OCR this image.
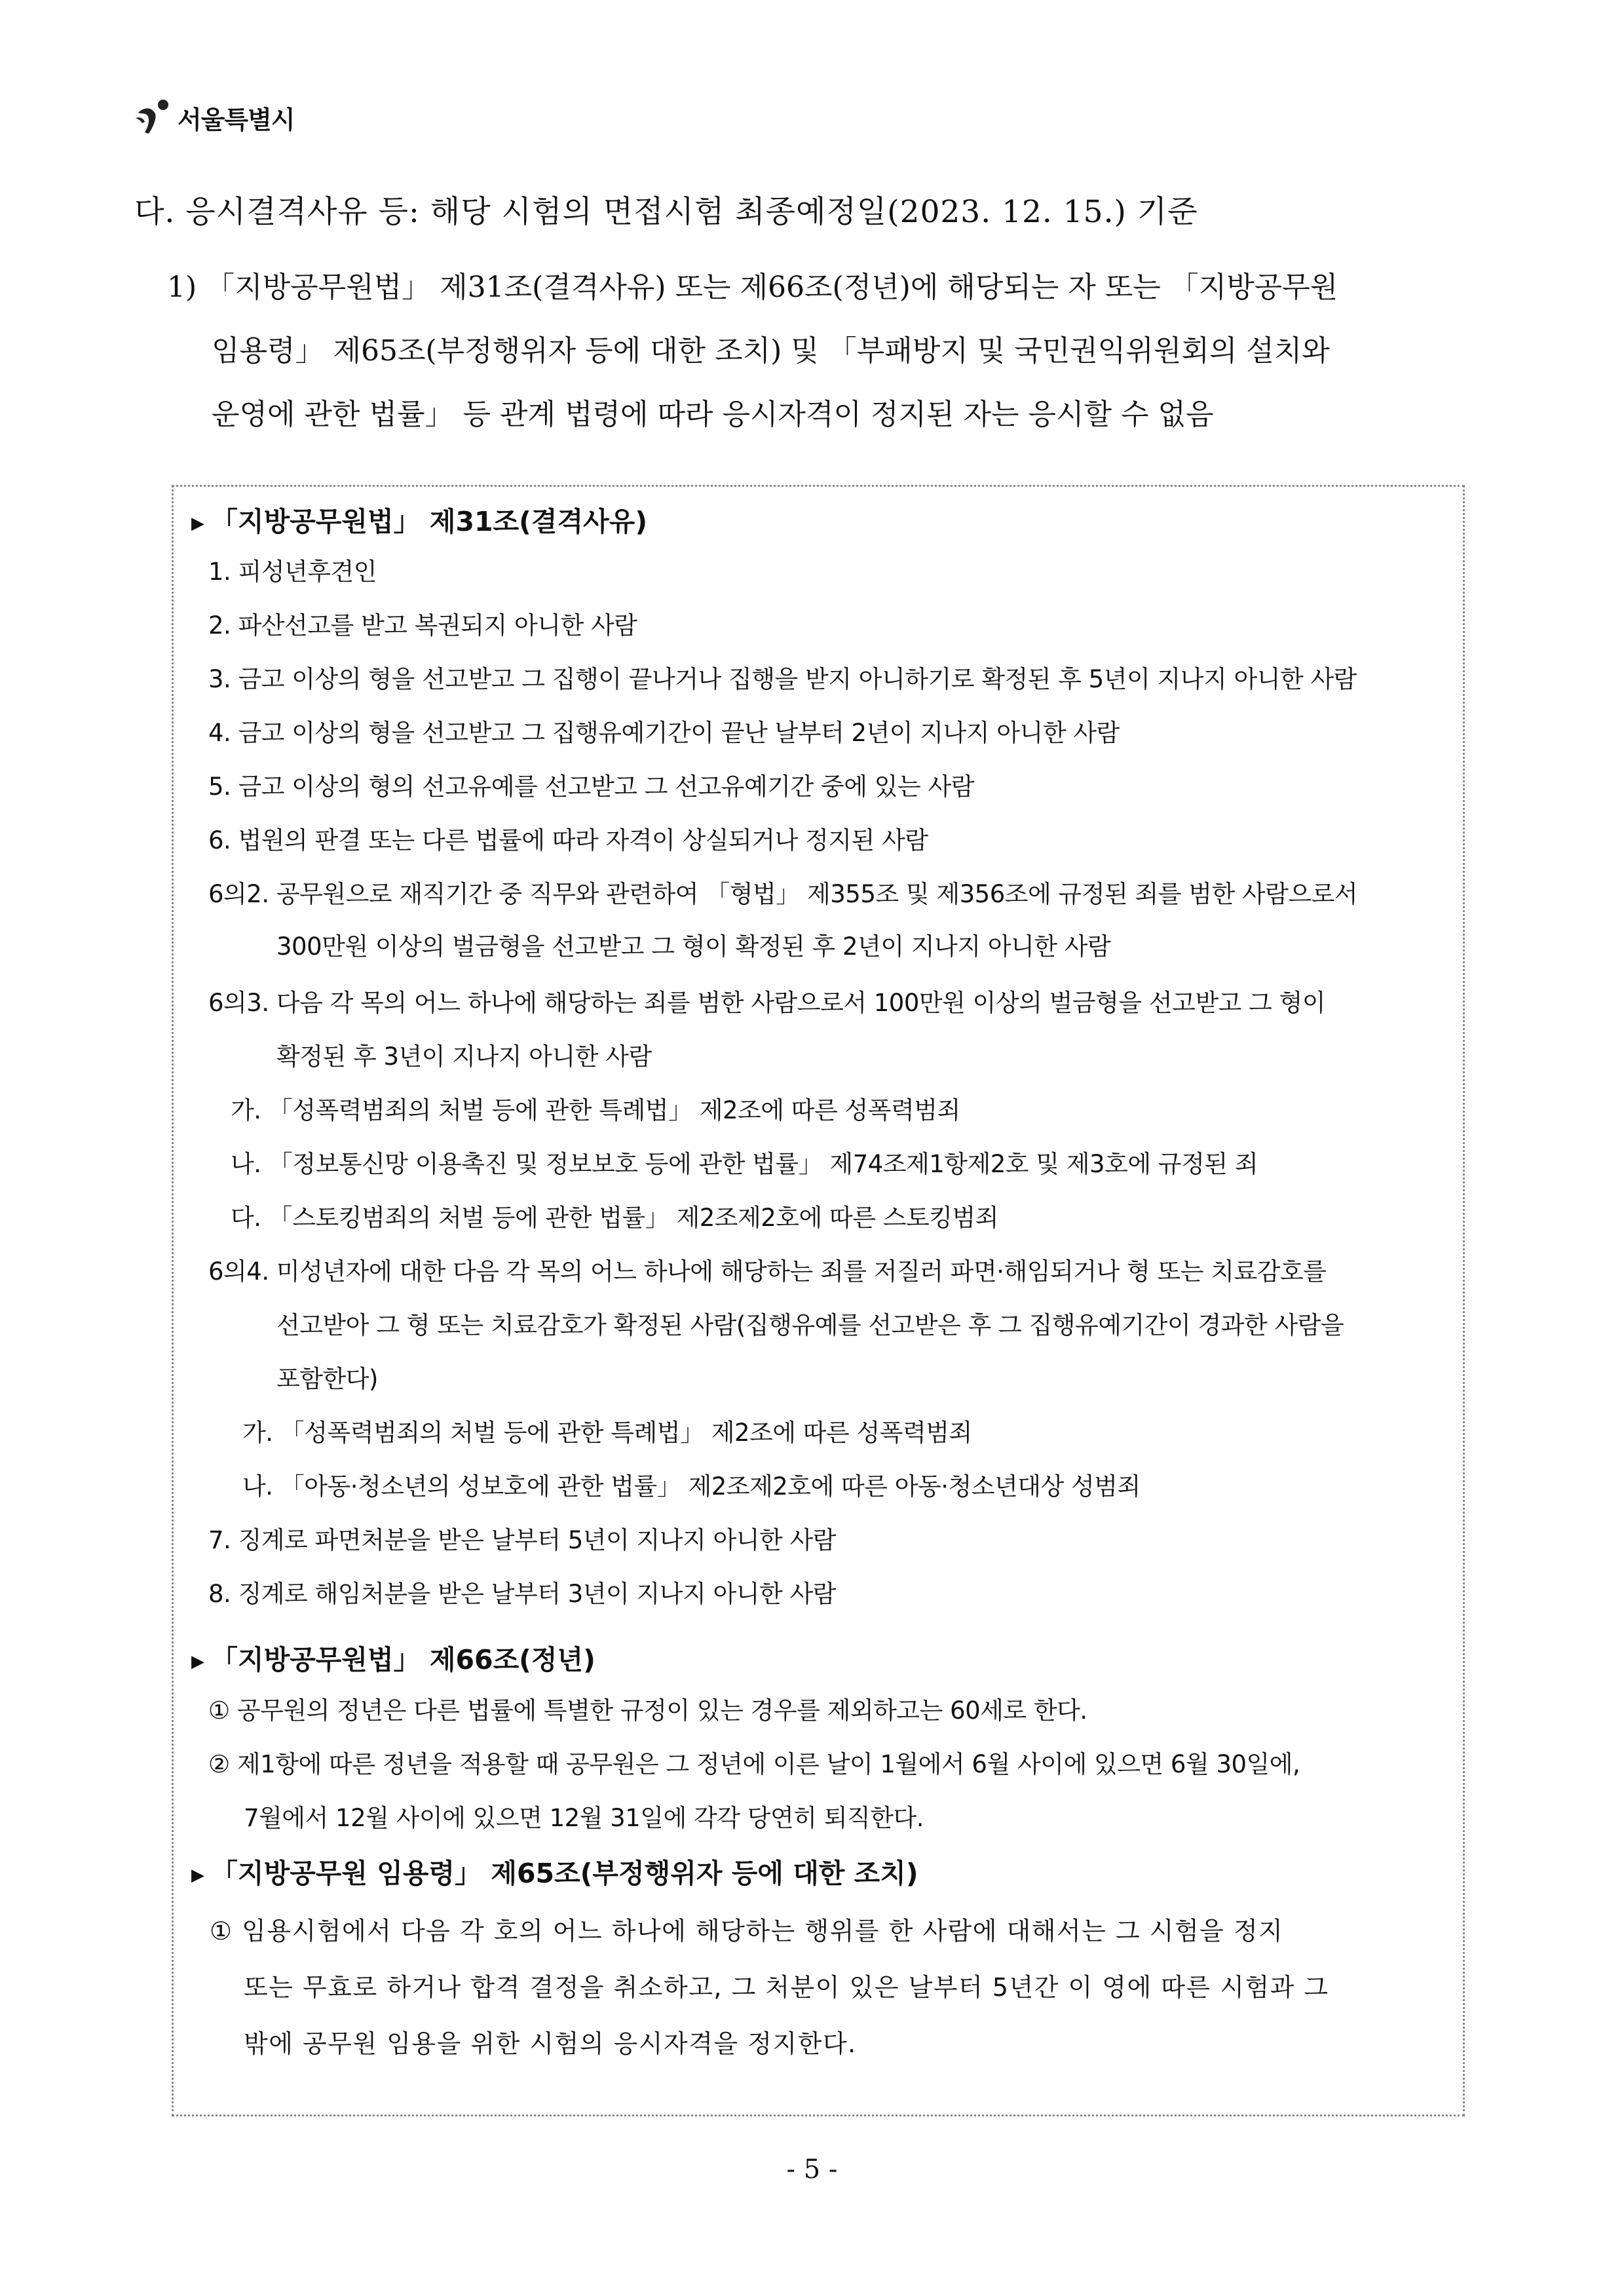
서울특별시
다. 응시결격사유 등: 해당 시험의 면접시험 최종예정일(2023. 12. 15.) 기준
1) 「지방공무원법」 제31조(결격사유) 또는 제66조(정년)에 해당되는 자 또는 「지방공무원
임용령」 제65조(부정행위자 등에 대한 조치) 및 「부패방지 및 국민권익위원회의 설치와
운영에 관한 법률」 등 관계 법령에 따라 응시자격이 정지된 자는 응시할 수 없음
▶ 「지방공무원법」 제31조(결격사유)
1. 피성년후견인
2. 파산선고를 받고 복권되지 아니한 사람
3. 금고 이상의 형을 선고받고 그 집행이 끝나거나 집행을 받지 아니하기로 확정된 후 5년이 지나지 아니한 사람
4. 금고 이상의 형을 선고받고 그 집행유예기간이 끝난 날부터 2년이 지나지 아니한 사람
5. 금고 이상의 형의 선고유예를 선고받고 그 선고유예기간 중에 있는 사람
6. 법원의 판결 또는 다른 법률에 따라 자격이 상실되거나 정지된 사람
6의2. 공무원으로 재직기간 중 직무와 관련하여 「형법」 제355조 및 제356조에 규정된 죄를 범한 사람으로서
300만원 이상의 벌금형을 선고받고 그 형이 확정된 후 2년이 지나지 아니한 사람
6의3. 다음 각 목의 어느 하나에 해당하는 죄를 범한 사람으로서 100만원 이상의 벌금형을 선고받고 그 형이
확정된 후 3년이 지나지 아니한 사람
가. 「성폭력범죄의 처벌 등에 관한 특례법」 제2조에 따른 성폭력범죄
나. 「정보통신망 이용촉진 및 정보보호 등에 관한 법률」 제74조제1항제2호 및 제3호에 규정된 죄
다. 「스토킹범죄의 처벌 등에 관한 법률」 제2조제2호에 따른 스토킹범죄
6의4. 미성년자에 대한 다음 각 목의 어느 하나에 해당하는 죄를 저질러 파면·해임되거나 형 또는 치료감호를
선고받아 그 형 또는 치료감호가 확정된 사람(집행유예를 선고받은 후 그 집행유예기간이 경과한 사람을
포함한다)
가. 「성폭력범죄의 처벌 등에 관한 특례법」 제2조에 따른 성폭력범죄
나. 「아동·청소년의 성보호에 관한 법률」 제2조제2호에 따른 아동·청소년대상 성범죄
7. 징계로 파면처분을 받은 날부터 5년이 지나지 아니한 사람
8. 징계로 해임처분을 받은 날부터 3년이 지나지 아니한 사람
▶ 「지방공무원법」 제66조(정년)
① 공무원의 정년은 다른 법률에 특별한 규정이 있는 경우를 제외하고는 60세로 한다.
② 제1항에 따른 정년을 적용할 때 공무원은 그 정년에 이른 날이 1월에서 6월 사이에 있으면 6월 30일에,
7월에서 12월 사이에 있으면 12월 31일에 각각 당연히 퇴직한다.
▶ 「지방공무원 임용령」 제65조(부정행위자 등에 대한 조치)
① 임용시험에서 다음 각 호의 어느 하나에 해당하는 행위를 한 사람에 대해서는 그 시험을 정지
또는 무효로 하거나 합격 결정을 취소하고, 그 처분이 있은 날부터 5년간 이 영에 따른 시험과 그
밖에 공무원 임용을 위한 시험의 응시자격을 정지한다.
- 5 -
